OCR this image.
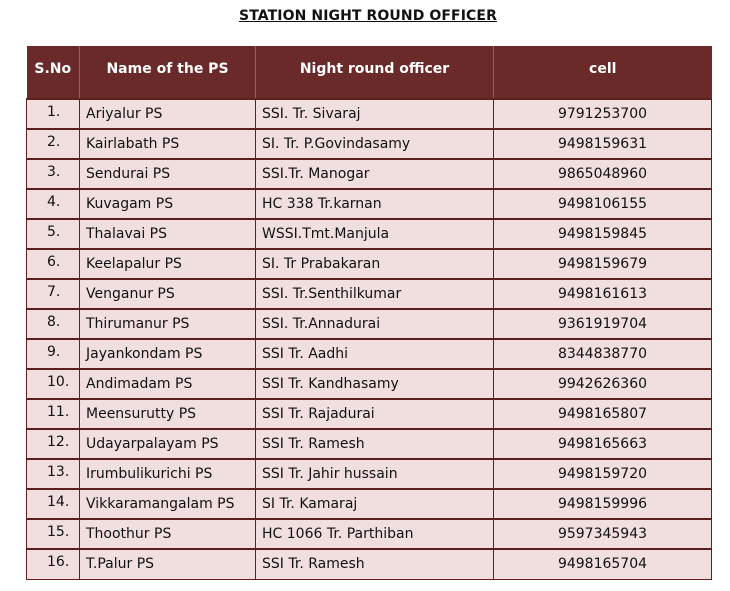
STATION NIGHT ROUND OFFICER
S.No	Name of the PS	Night round officer	cell
1.	Ariyalur PS	SSI. Tr. Sivaraj	9791253700
2.	Kairlabath PS	SI. Tr. P.Govindasamy	9498159631
3.	Sendurai PS	SSI.Tr. Manogar	9865048960
4.	Kuvagam PS	HC 338 Tr.karnan	9498106155
5.	Thalavai PS	WSSI.Tmt.Manjula	9498159845
6.	Keelapalur PS	SI. Tr Prabakaran	9498159679
7.	Venganur PS	SSI. Tr.Senthilkumar	9498161613
8.	Thirumanur PS	SSI. Tr.Annadurai	9361919704
9.	Jayankondam PS	SSI Tr. Aadhi	8344838770
10.	Andimadam PS	SSI Tr. Kandhasamy	9942626360
11.	Meensurutty PS	SSI Tr. Rajadurai	9498165807
12.	Udayarpalayam PS	SSI Tr. Ramesh	9498165663
13.	Irumbulikurichi PS	SSI Tr. Jahir hussain	9498159720
14.	Vikkaramangalam PS	SI Tr. Kamaraj	9498159996
15.	Thoothur PS	HC 1066 Tr. Parthiban	9597345943
16.	T.Palur PS	SSI Tr. Ramesh	9498165704
